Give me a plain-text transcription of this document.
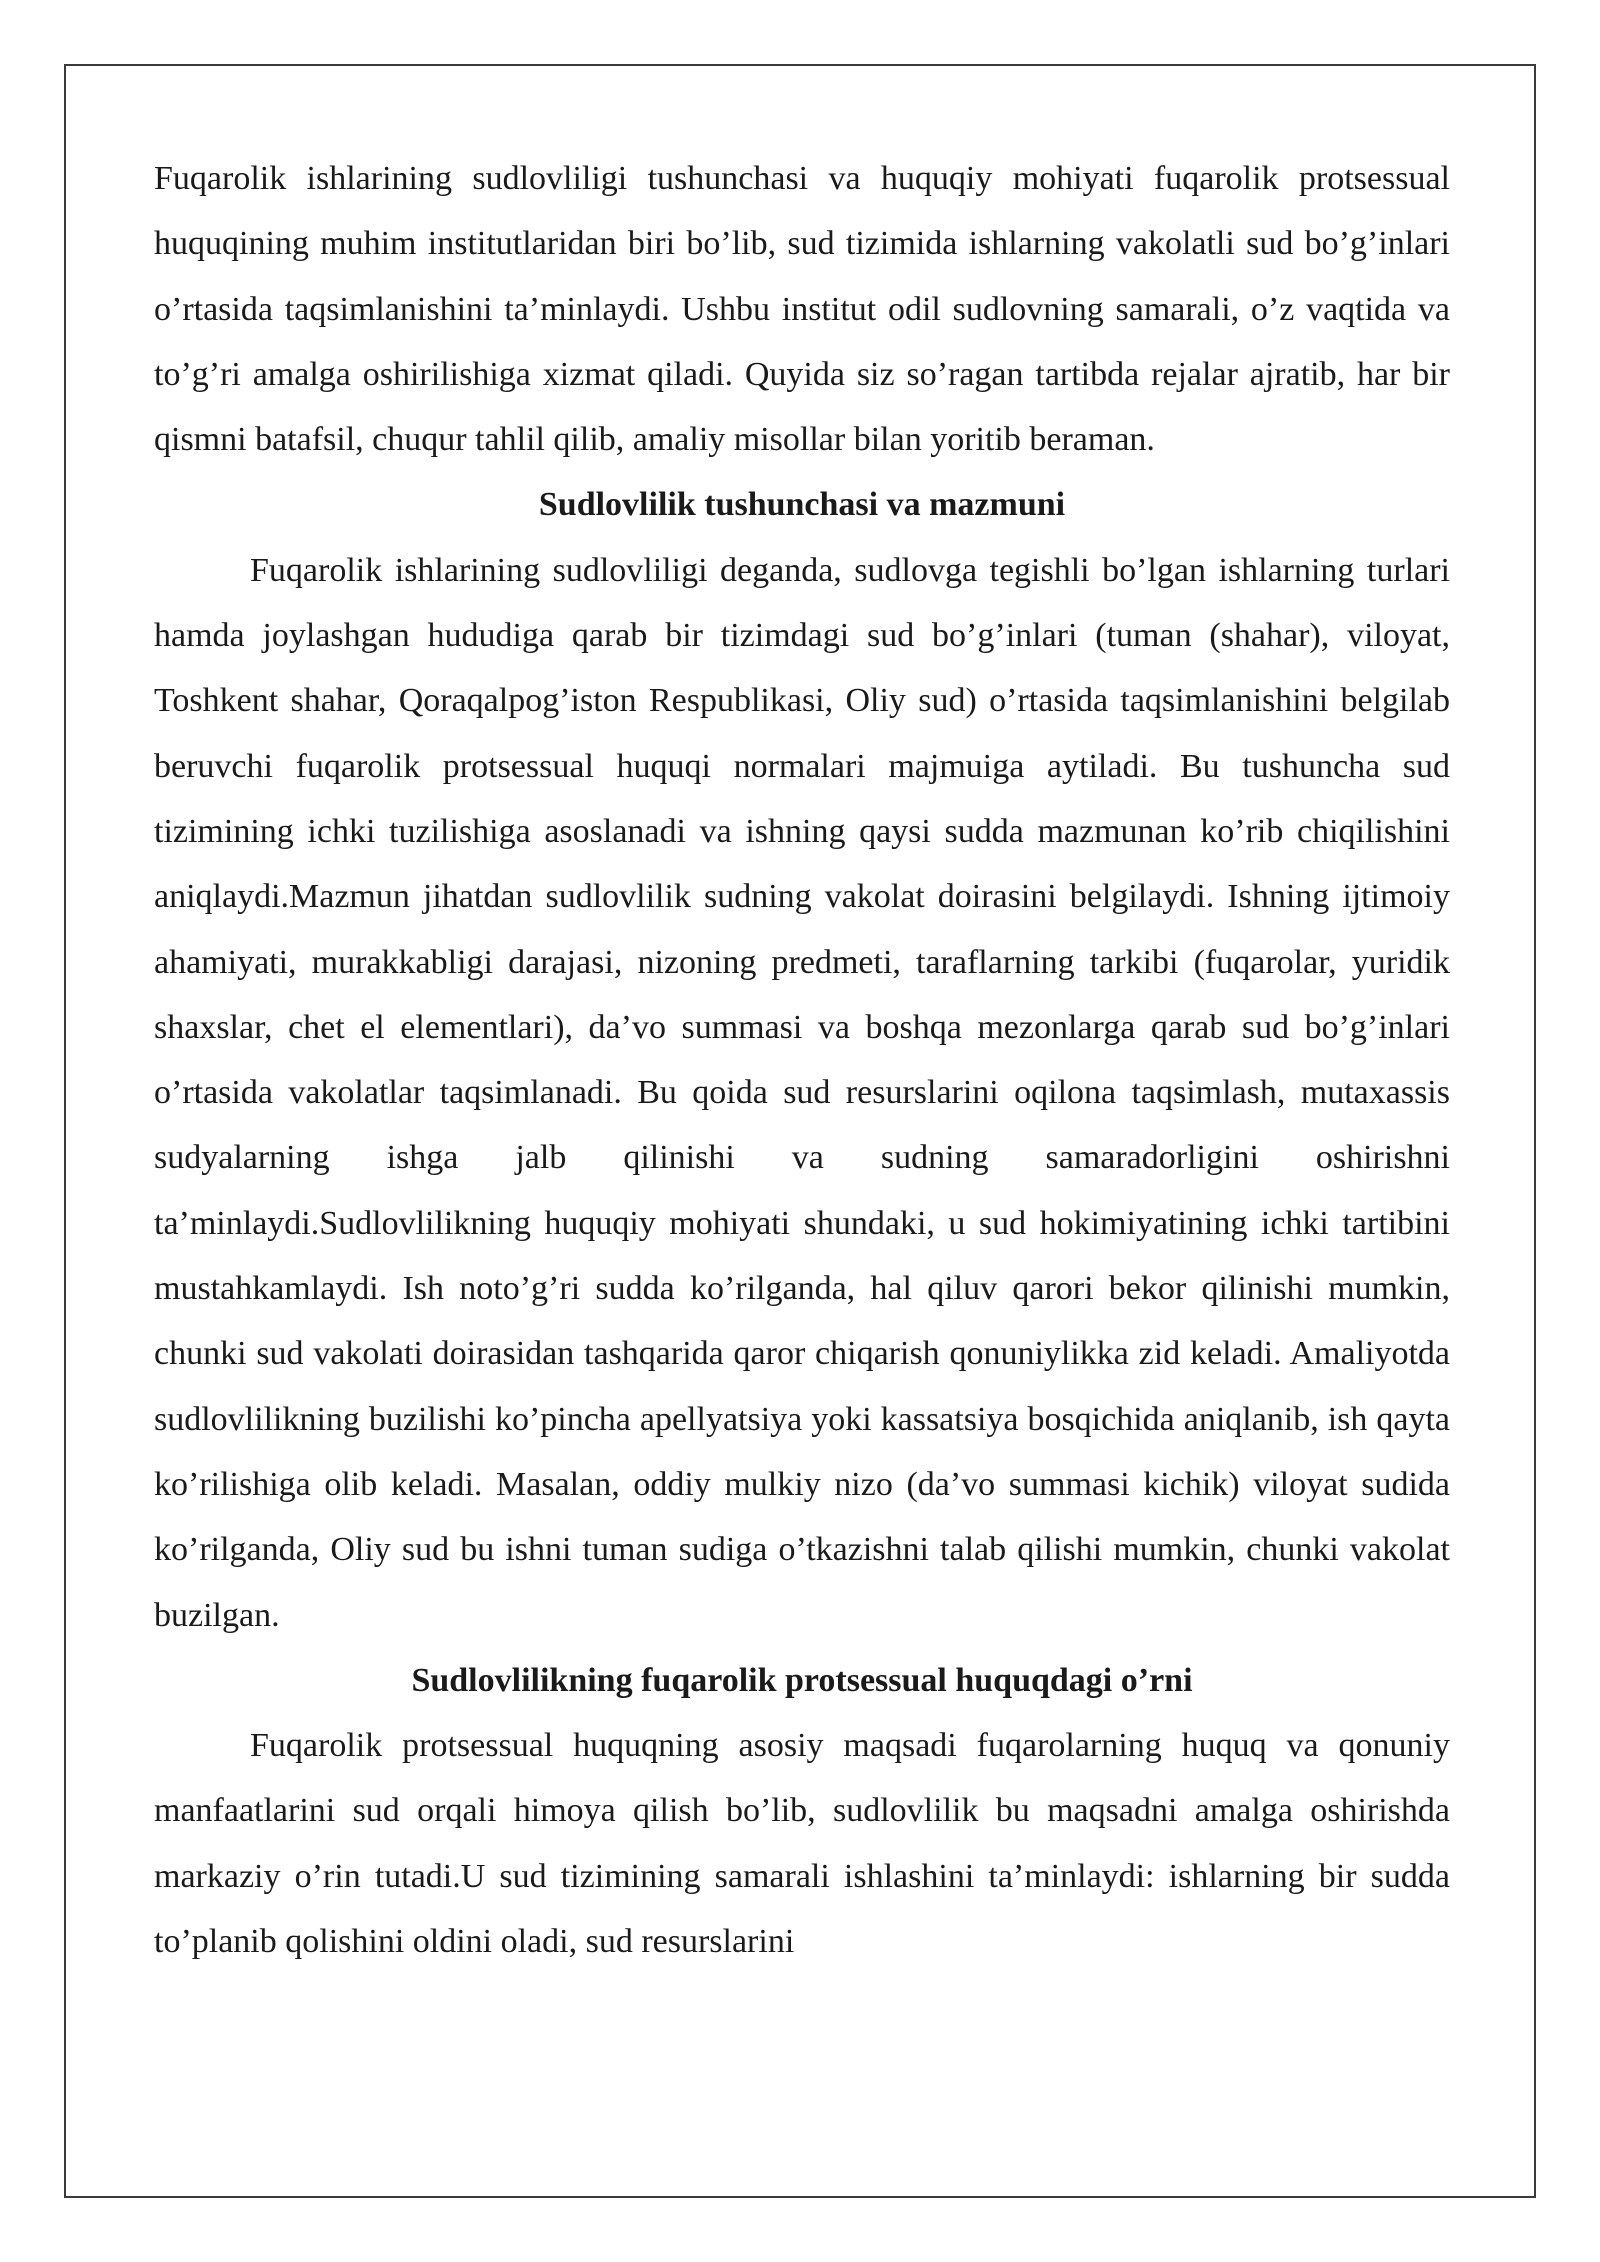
Fuqarolik ishlarining sudlovliligi tushunchasi va huquqiy mohiyati fuqarolik protsessual huquqining muhim institutlaridan biri bo’lib, sud tizimida ishlarning vakolatli sud bo’g’inlari o’rtasida taqsimlanishini ta’minlaydi. Ushbu institut odil sudlovning samarali, o’z vaqtida va to’g’ri amalga oshirilishiga xizmat qiladi. Quyida siz so’ragan tartibda rejalar ajratib, har bir qismni batafsil, chuqur tahlil qilib, amaliy misollar bilan yoritib beraman.

Sudlovlilik tushunchasi va mazmuni

Fuqarolik ishlarining sudlovliligi deganda, sudlovga tegishli bo’lgan ishlarning turlari hamda joylashgan hududiga qarab bir tizimdagi sud bo’g’inlari (tuman (shahar), viloyat, Toshkent shahar, Qoraqalpog’iston Respublikasi, Oliy sud) o’rtasida taqsimlanishini belgilab beruvchi fuqarolik protsessual huquqi normalari majmuiga aytiladi. Bu tushuncha sud tizimining ichki tuzilishiga asoslanadi va ishning qaysi sudda mazmunan ko’rib chiqilishini aniqlaydi.Mazmun jihatdan sudlovlilik sudning vakolat doirasini belgilaydi. Ishning ijtimoiy ahamiyati, murakkabligi darajasi, nizoning predmeti, taraflarning tarkibi (fuqarolar, yuridik shaxslar, chet el elementlari), da’vo summasi va boshqa mezonlarga qarab sud bo’g’inlari o’rtasida vakolatlar taqsimlanadi. Bu qoida sud resurslarini oqilona taqsimlash, mutaxassis sudyalarning ishga jalb qilinishi va sudning samaradorligini oshirishni ta’minlaydi.Sudlovlilikning huquqiy mohiyati shundaki, u sud hokimiyatining ichki tartibini mustahkamlaydi. Ish noto’g’ri sudda ko’rilganda, hal qiluv qarori bekor qilinishi mumkin, chunki sud vakolati doirasidan tashqarida qaror chiqarish qonuniylikka zid keladi. Amaliyotda sudlovlilikning buzilishi ko’pincha apellyatsiya yoki kassatsiya bosqichida aniqlanib, ish qayta ko’rilishiga olib keladi. Masalan, oddiy mulkiy nizo (da’vo summasi kichik) viloyat sudida ko’rilganda, Oliy sud bu ishni tuman sudiga o’tkazishni talab qilishi mumkin, chunki vakolat buzilgan.

Sudlovlilikning fuqarolik protsessual huquqdagi o’rni

Fuqarolik protsessual huquqning asosiy maqsadi fuqarolarning huquq va qonuniy manfaatlarini sud orqali himoya qilish bo’lib, sudlovlilik bu maqsadni amalga oshirishda markaziy o’rin tutadi.U sud tizimining samarali ishlashini ta’minlaydi: ishlarning bir sudda to’planib qolishini oldini oladi, sud resurslarini
